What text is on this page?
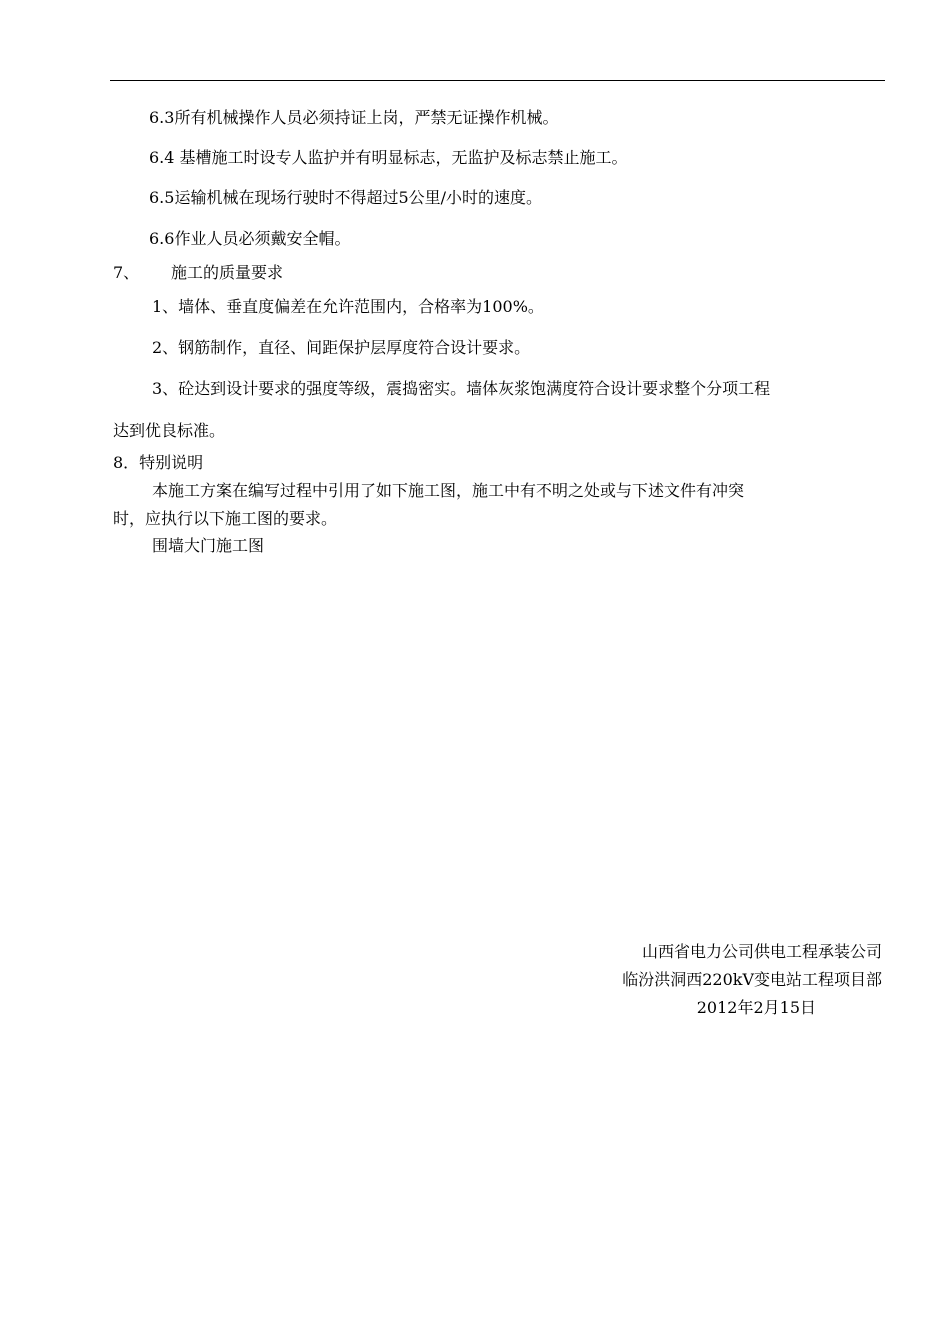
6.3所有机械操作人员必须持证上岗，严禁无证操作机械。
6.4 基槽施工时设专人监护并有明显标志，无监护及标志禁止施工。
6.5运输机械在现场行驶时不得超过5公里/小时的速度。
6.6作业人员必须戴安全帽。
7、 施工的质量要求
1、墙体、垂直度偏差在允许范围内，合格率为100%。
2、钢筋制作，直径、间距保护层厚度符合设计要求。
3、砼达到设计要求的强度等级，震捣密实。墙体灰浆饱满度符合设计要求整个分项工程
达到优良标准。
8．特别说明
本施工方案在编写过程中引用了如下施工图，施工中有不明之处或与下述文件有冲突
时，应执行以下施工图的要求。
围墙大门施工图
山西省电力公司供电工程承装公司
临汾洪洞西220kV变电站工程项目部
2012年2月15日
